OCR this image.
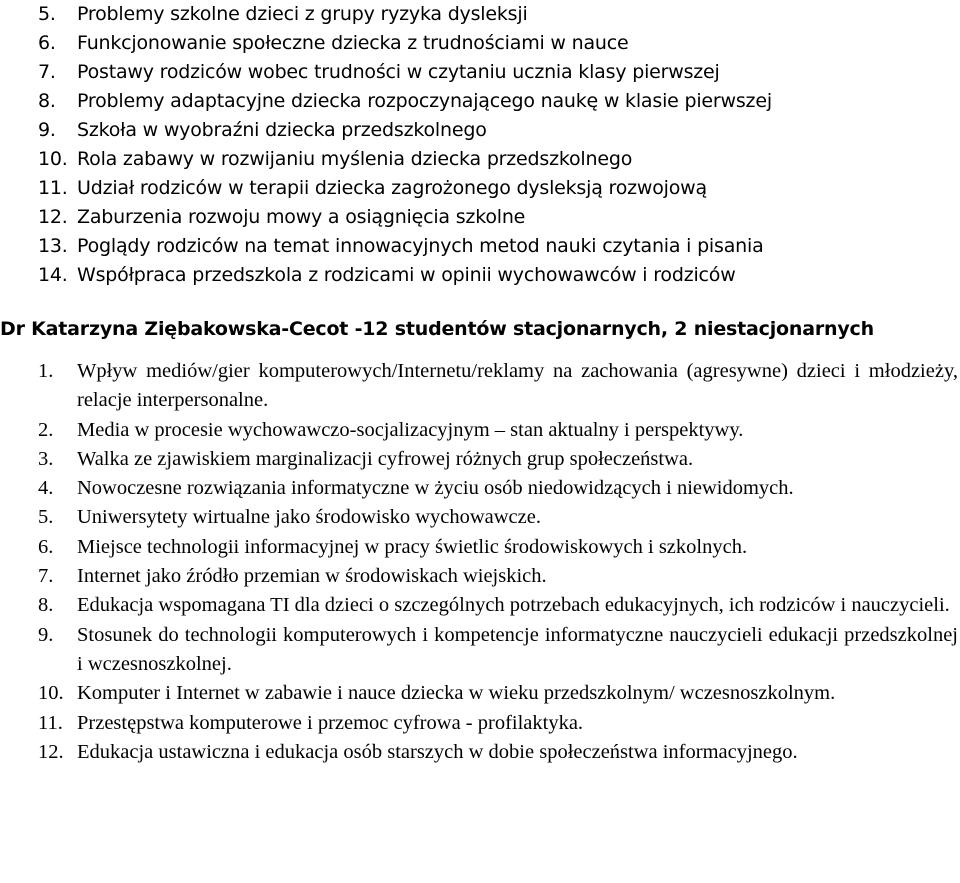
5. Problemy szkolne dzieci z grupy ryzyka dysleksji
6. Funkcjonowanie społeczne dziecka z trudnościami w nauce
7. Postawy rodziców wobec trudności w czytaniu ucznia klasy pierwszej
8. Problemy adaptacyjne dziecka rozpoczynającego naukę w klasie pierwszej
9. Szkoła w wyobraźni dziecka przedszkolnego
10. Rola zabawy w rozwijaniu myślenia dziecka przedszkolnego
11. Udział rodziców w terapii dziecka zagrożonego dysleksją rozwojową
12. Zaburzenia rozwoju mowy a osiągnięcia szkolne
13. Poglądy rodziców na temat innowacyjnych metod nauki czytania i pisania
14. Współpraca przedszkola z rodzicami w opinii wychowawców i rodziców
Dr Katarzyna Ziębakowska-Cecot -12 studentów stacjonarnych, 2 niestacjonarnych
1. Wpływ mediów/gier komputerowych/Internetu/reklamy na zachowania (agresywne) dzieci i młodzieży, relacje interpersonalne.
2. Media w procesie wychowawczo-socjalizacyjnym – stan aktualny i perspektywy.
3. Walka ze zjawiskiem marginalizacji cyfrowej różnych grup społeczeństwa.
4. Nowoczesne rozwiązania informatyczne w życiu osób niedowidzących i niewidomych.
5. Uniwersytety wirtualne jako środowisko wychowawcze.
6. Miejsce technologii informacyjnej w pracy świetlic środowiskowych i szkolnych.
7. Internet jako źródło przemian w środowiskach wiejskich.
8. Edukacja wspomagana TI dla dzieci o szczególnych potrzebach edukacyjnych, ich rodziców i nauczycieli.
9. Stosunek do technologii komputerowych i kompetencje informatyczne nauczycieli edukacji przedszkolnej i wczesnoszkolnej.
10. Komputer i Internet w zabawie i nauce dziecka w wieku przedszkolnym/ wczesnoszkolnym.
11. Przestępstwa komputerowe i przemoc cyfrowa - profilaktyka.
12. Edukacja ustawiczna i edukacja osób starszych w dobie społeczeństwa informacyjnego.
